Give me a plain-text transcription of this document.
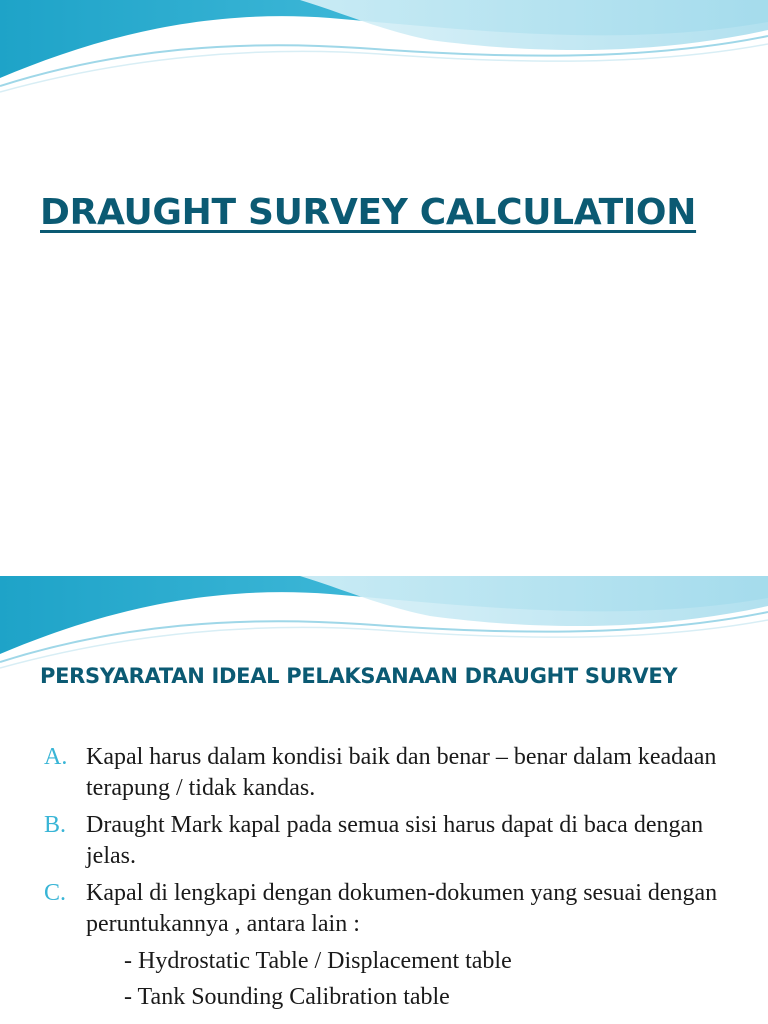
DRAUGHT SURVEY CALCULATION
PERSYARATAN IDEAL PELAKSANAAN DRAUGHT SURVEY
A. Kapal harus dalam kondisi baik dan benar – benar dalam keadaan terapung / tidak kandas.
B. Draught Mark kapal pada semua sisi harus dapat di baca dengan jelas.
C. Kapal di lengkapi dengan dokumen-dokumen yang sesuai dengan peruntukannya , antara lain :
- Hydrostatic Table / Displacement table
- Tank Sounding Calibration table
